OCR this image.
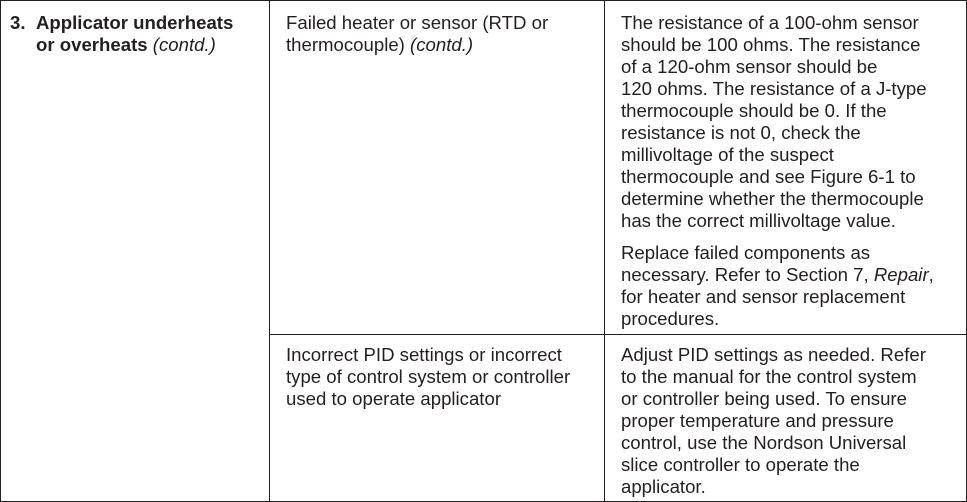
3. Applicator underheats
or overheats (contd.)
Failed heater or sensor (RTD or
thermocouple) (contd.)
Incorrect PID settings or incorrect
type of control system or controller
used to operate applicator
The resistance of a 100-ohm sensor
should be 100 ohms. The resistance
of a 120-ohm sensor should be
120 ohms. The resistance of a J-type
thermocouple should be 0. If the
resistance is not 0, check the
millivoltage of the suspect
thermocouple and see Figure 6-1 to
determine whether the thermocouple
has the correct millivoltage value.
Replace failed components as
necessary. Refer to Section 7, Repair,
for heater and sensor replacement
procedures.
Adjust PID settings as needed. Refer
to the manual for the control system
or controller being used. To ensure
proper temperature and pressure
control, use the Nordson Universal
slice controller to operate the
applicator.
